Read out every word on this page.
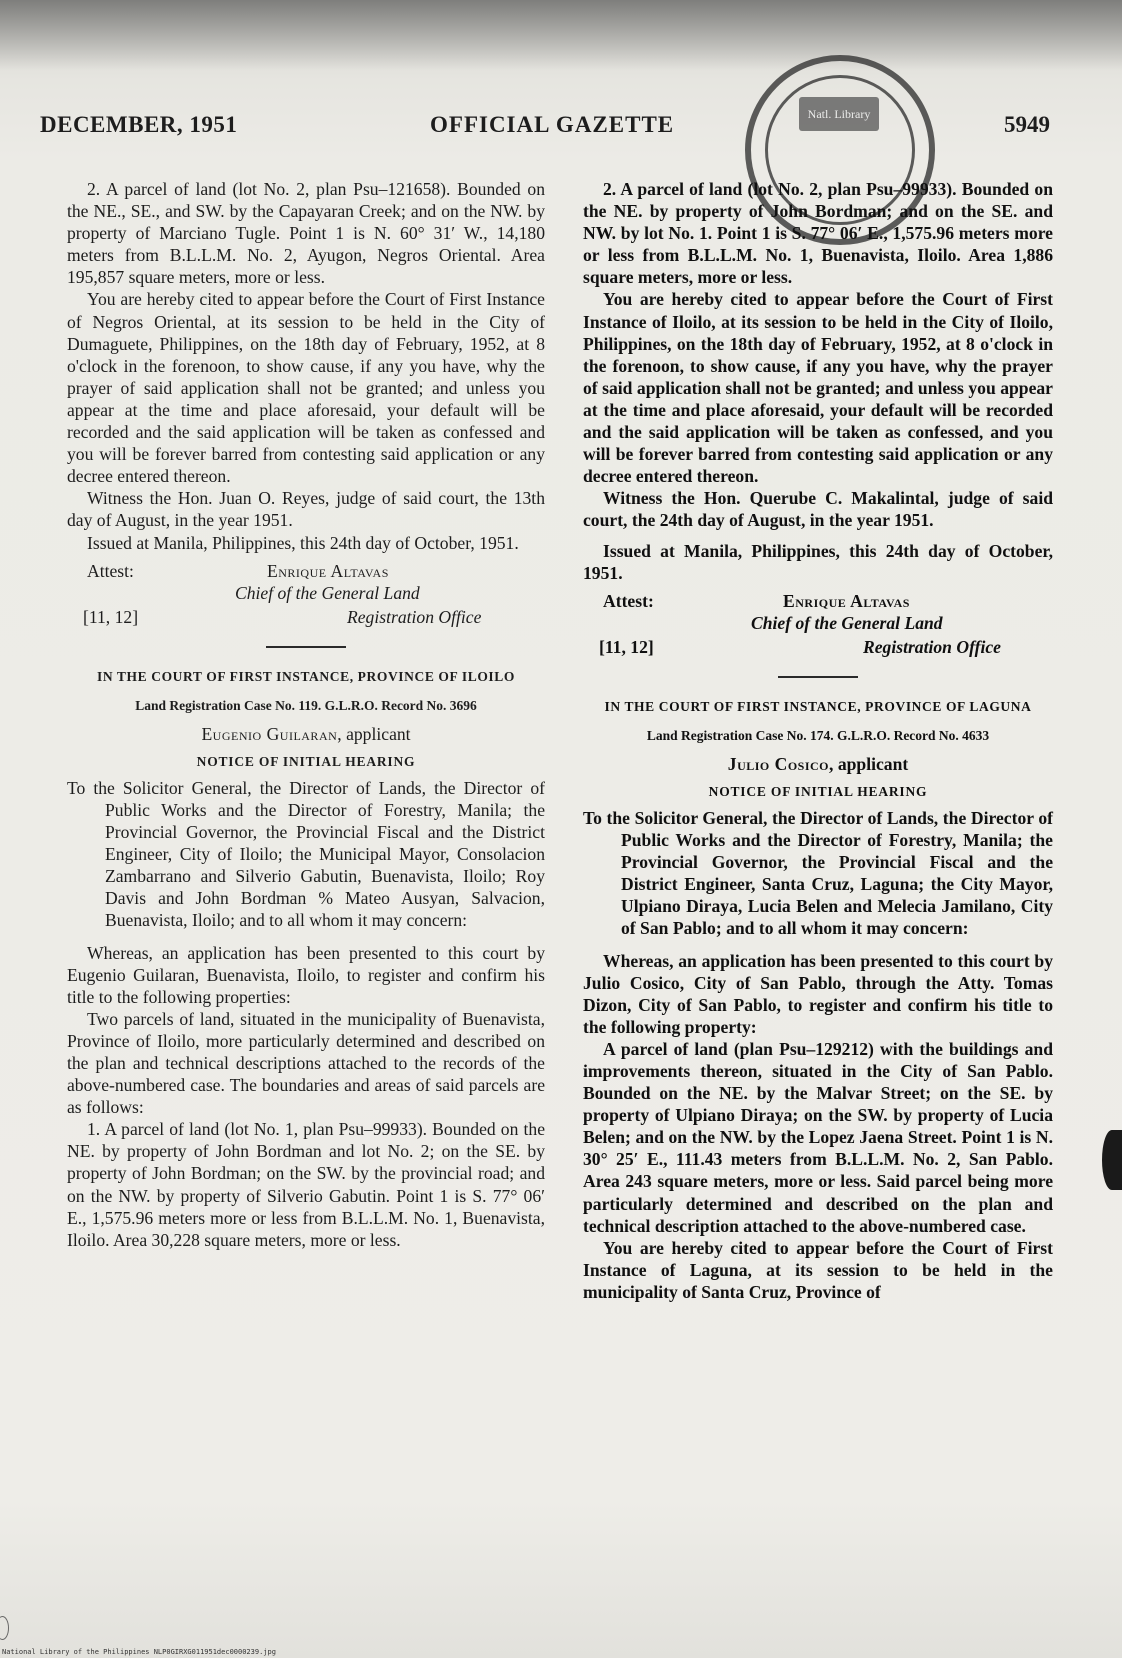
Natl. Library
DECEMBER, 1951	OFFICIAL GAZETTE	5949

2. A parcel of land (lot No. 2, plan Psu–121658). Bounded on the NE., SE., and SW. by the Capayaran Creek; and on the NW. by property of Marciano Tugle. Point 1 is N. 60° 31′ W., 14,180 meters from B.L.L.M. No. 2, Ayugon, Negros Oriental. Area 195,857 square meters, more or less.

You are hereby cited to appear before the Court of First Instance of Negros Oriental, at its session to be held in the City of Dumaguete, Philippines, on the 18th day of February, 1952, at 8 o'clock in the forenoon, to show cause, if any you have, why the prayer of said application shall not be granted; and unless you appear at the time and place aforesaid, your default will be recorded and the said application will be taken as confessed and you will be forever barred from contesting said application or any decree entered thereon.

Witness the Hon. Juan O. Reyes, judge of said court, the 13th day of August, in the year 1951.

Issued at Manila, Philippines, this 24th day of October, 1951.

Attest:	Enrique Altavas
Chief of the General Land
[11, 12]	Registration Office
IN THE COURT OF FIRST INSTANCE, PROVINCE OF ILOILO
Land Registration Case No. 119. G.L.R.O. Record No. 3696
Eugenio Guilaran, applicant
NOTICE OF INITIAL HEARING

To the Solicitor General, the Director of Lands, the Director of Public Works and the Director of Forestry, Manila; the Provincial Governor, the Provincial Fiscal and the District Engineer, City of Iloilo; the Municipal Mayor, Consolacion Zambarrano and Silverio Gabutin, Buenavista, Iloilo; Roy Davis and John Bordman % Mateo Ausyan, Salvacion, Buenavista, Iloilo; and to all whom it may concern:

Whereas, an application has been presented to this court by Eugenio Guilaran, Buenavista, Iloilo, to register and confirm his title to the following properties:

Two parcels of land, situated in the municipality of Buenavista, Province of Iloilo, more particularly determined and described on the plan and technical descriptions attached to the records of the above-numbered case. The boundaries and areas of said parcels are as follows:

1. A parcel of land (lot No. 1, plan Psu–99933). Bounded on the NE. by property of John Bordman and lot No. 2; on the SE. by property of John Bordman; on the SW. by the provincial road; and on the NW. by property of Silverio Gabutin. Point 1 is S. 77° 06′ E., 1,575.96 meters more or less from B.L.L.M. No. 1, Buenavista, Iloilo. Area 30,228 square meters, more or less.

2. A parcel of land (lot No. 2, plan Psu–99933). Bounded on the NE. by property of John Bordman; and on the SE. and NW. by lot No. 1. Point 1 is S. 77° 06′ E., 1,575.96 meters more or less from B.L.L.M. No. 1, Buenavista, Iloilo. Area 1,886 square meters, more or less.

You are hereby cited to appear before the Court of First Instance of Iloilo, at its session to be held in the City of Iloilo, Philippines, on the 18th day of February, 1952, at 8 o'clock in the forenoon, to show cause, if any you have, why the prayer of said application shall not be granted; and unless you appear at the time and place aforesaid, your default will be recorded and the said application will be taken as confessed, and you will be forever barred from contesting said application or any decree entered thereon.

Witness the Hon. Querube C. Makalintal, judge of said court, the 24th day of August, in the year 1951.

Issued at Manila, Philippines, this 24th day of October, 1951.

Attest:	Enrique Altavas
Chief of the General Land
[11, 12]	Registration Office
IN THE COURT OF FIRST INSTANCE, PROVINCE OF LAGUNA
Land Registration Case No. 174. G.L.R.O. Record No. 4633
Julio Cosico, applicant
NOTICE OF INITIAL HEARING

To the Solicitor General, the Director of Lands, the Director of Public Works and the Director of Forestry, Manila; the Provincial Governor, the Provincial Fiscal and the District Engineer, Santa Cruz, Laguna; the City Mayor, Ulpiano Diraya, Lucia Belen and Melecia Jamilano, City of San Pablo; and to all whom it may concern:

Whereas, an application has been presented to this court by Julio Cosico, City of San Pablo, through the Atty. Tomas Dizon, City of San Pablo, to register and confirm his title to the following property:

A parcel of land (plan Psu–129212) with the buildings and improvements thereon, situated in the City of San Pablo. Bounded on the NE. by the Malvar Street; on the SE. by property of Ulpiano Diraya; on the SW. by property of Lucia Belen; and on the NW. by the Lopez Jaena Street. Point 1 is N. 30° 25′ E., 111.43 meters from B.L.L.M. No. 2, San Pablo. Area 243 square meters, more or less. Said parcel being more particularly determined and described on the plan and technical description attached to the above-numbered case.

You are hereby cited to appear before the Court of First Instance of Laguna, at its session to be held in the municipality of Santa Cruz, Province of

National Library of the Philippines NLP0GIRXG011951dec0000239.jpg
